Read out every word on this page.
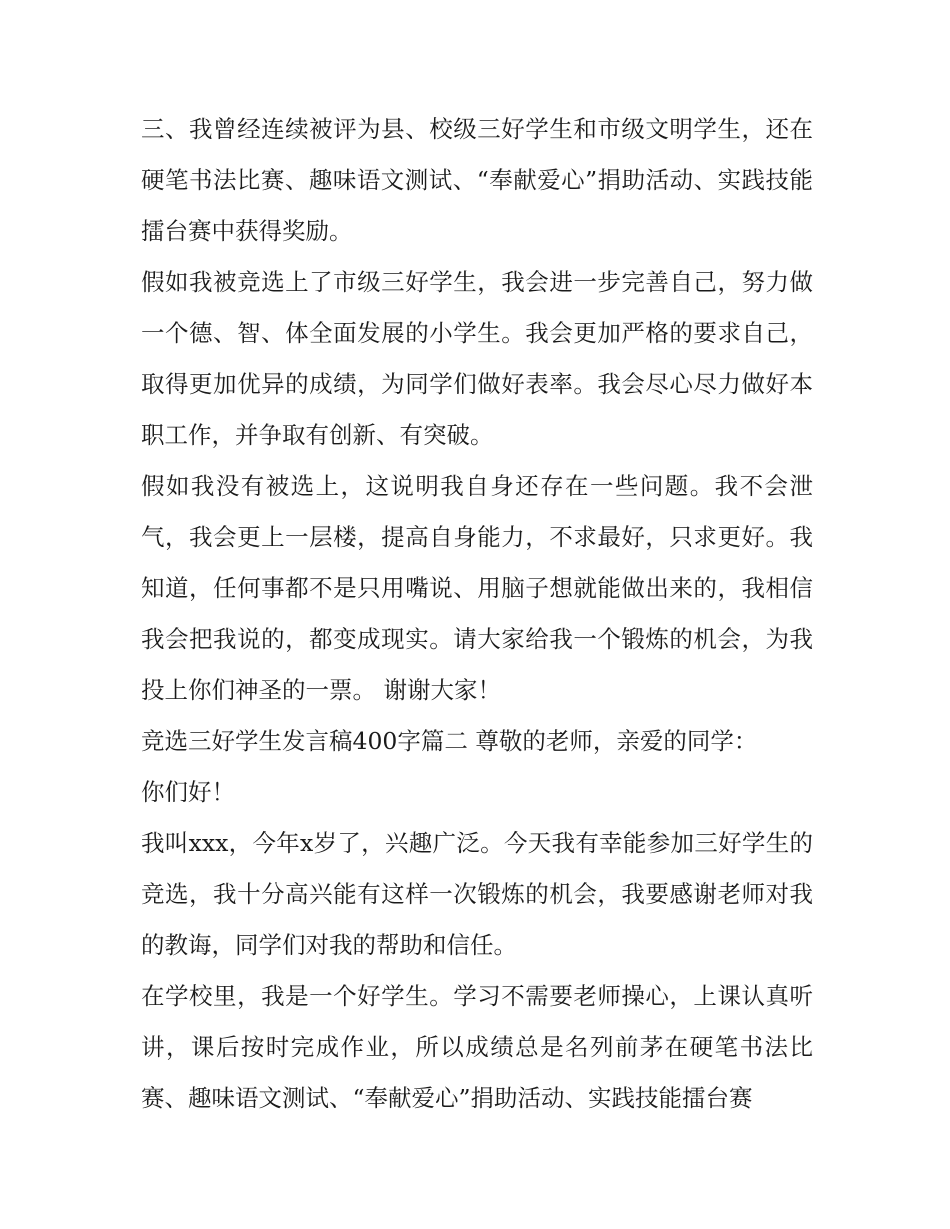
三、我曾经连续被评为县、校级三好学生和市级文明学生，还在硬笔书法比赛、趣味语文测试、“奉献爱心”捐助活动、实践技能擂台赛中获得奖励。

假如我被竞选上了市级三好学生，我会进一步完善自己，努力做一个德、智、体全面发展的小学生。我会更加严格的要求自己，取得更加优异的成绩，为同学们做好表率。我会尽心尽力做好本职工作，并争取有创新、有突破。

假如我没有被选上，这说明我自身还存在一些问题。我不会泄气，我会更上一层楼，提高自身能力，不求最好，只求更好。我知道，任何事都不是只用嘴说、用脑子想就能做出来的，我相信我会把我说的，都变成现实。请大家给我一个锻炼的机会，为我投上你们神圣的一票。 谢谢大家！

竞选三好学生发言稿400字篇二 尊敬的老师，亲爱的同学：

你们好！

我叫xxx，今年x岁了，兴趣广泛。今天我有幸能参加三好学生的竞选，我十分高兴能有这样一次锻炼的机会，我要感谢老师对我的教诲，同学们对我的帮助和信任。

在学校里，我是一个好学生。学习不需要老师操心，上课认真听讲，课后按时完成作业，所以成绩总是名列前茅在硬笔书法比赛、趣味语文测试、“奉献爱心”捐助活动、实践技能擂台赛
